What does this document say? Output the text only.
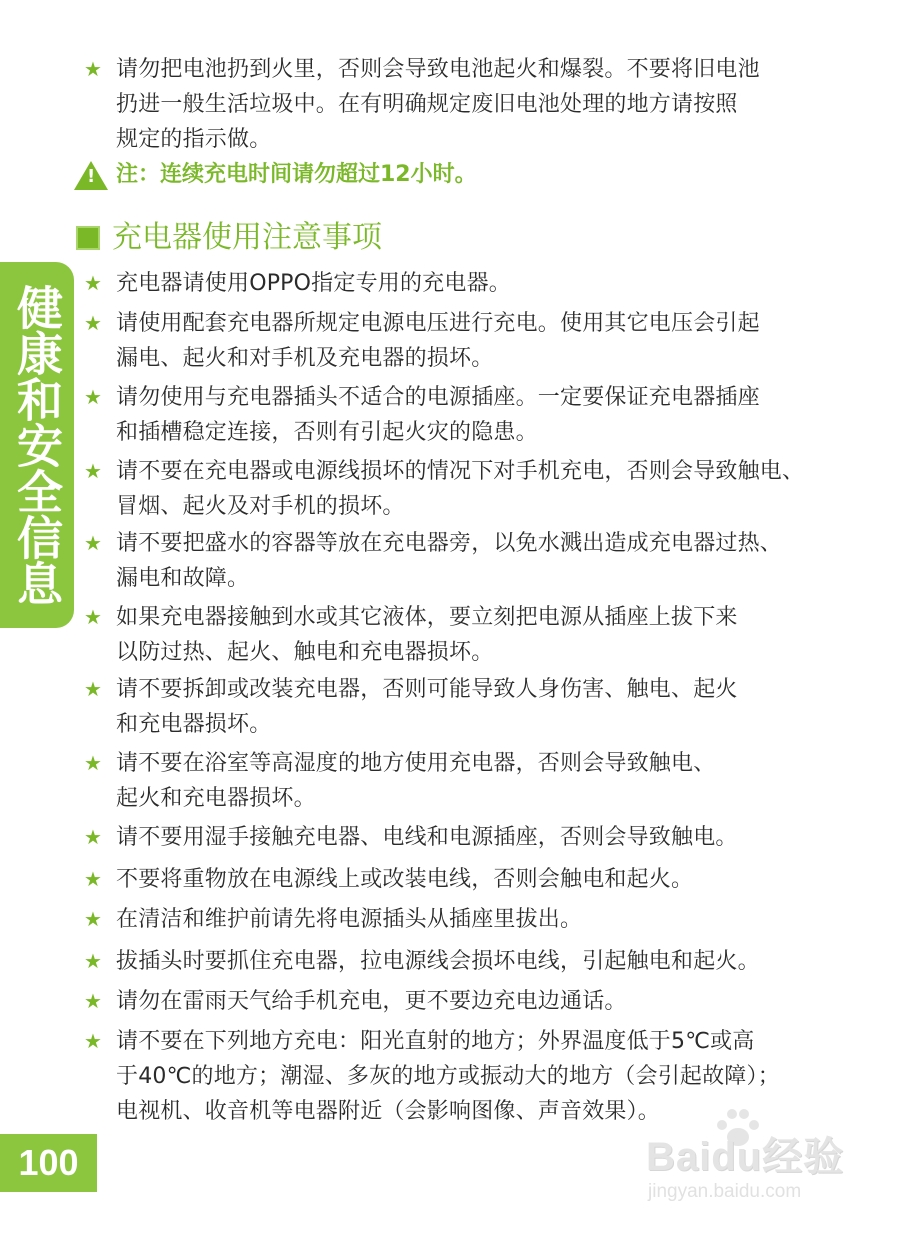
★ 请勿把电池扔到火里，否则会导致电池起火和爆裂。不要将旧电池
扔进一般生活垃圾中。在有明确规定废旧电池处理的地方请按照
规定的指示做。
!
注：连续充电时间请勿超过12小时。
充电器使用注意事项
健康和安全信息
★ 充电器请使用OPPO指定专用的充电器。
★ 请使用配套充电器所规定电源电压进行充电。使用其它电压会引起
漏电、起火和对手机及充电器的损坏。
★ 请勿使用与充电器插头不适合的电源插座。一定要保证充电器插座
和插槽稳定连接，否则有引起火灾的隐患。
★ 请不要在充电器或电源线损坏的情况下对手机充电，否则会导致触电、
冒烟、起火及对手机的损坏。
★ 请不要把盛水的容器等放在充电器旁，以免水溅出造成充电器过热、
漏电和故障。
★ 如果充电器接触到水或其它液体，要立刻把电源从插座上拔下来
以防过热、起火、触电和充电器损坏。
★ 请不要拆卸或改装充电器，否则可能导致人身伤害、触电、起火
和充电器损坏。
★ 请不要在浴室等高湿度的地方使用充电器，否则会导致触电、
起火和充电器损坏。
★ 请不要用湿手接触充电器、电线和电源插座，否则会导致触电。
★ 不要将重物放在电源线上或改装电线，否则会触电和起火。
★ 在清洁和维护前请先将电源插头从插座里拔出。
★ 拔插头时要抓住充电器，拉电源线会损坏电线，引起触电和起火。
★ 请勿在雷雨天气给手机充电，更不要边充电边通话。
★ 请不要在下列地方充电：阳光直射的地方；外界温度低于5℃或高
于40℃的地方；潮湿、多灰的地方或振动大的地方（会引起故障）；
电视机、收音机等电器附近（会影响图像、声音效果）。
100	Baidu经验
jingyan.baidu.com
